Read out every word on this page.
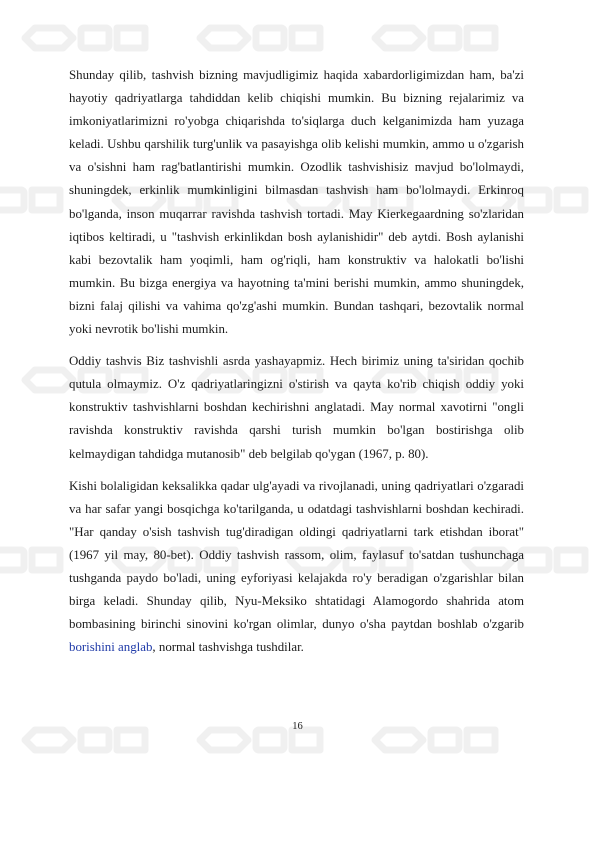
Shunday qilib, tashvish bizning mavjudligimiz haqida xabardorligimizdan ham, ba'zi hayotiy qadriyatlarga tahdiddan kelib chiqishi mumkin. Bu bizning rejalarimiz va imkoniyatlarimizni ro'yobga chiqarishda to'siqlarga duch kelganimizda ham yuzaga keladi. Ushbu qarshilik turg'unlik va pasayishga olib kelishi mumkin, ammo u o'zgarish va o'sishni ham rag'batlantirishi mumkin. Ozodlik tashvishisiz mavjud bo'lolmaydi, shuningdek, erkinlik mumkinligini bilmasdan tashvish ham bo'lolmaydi. Erkinroq bo'lganda, inson muqarrar ravishda tashvish tortadi. May Kierkegaardning so'zlaridan iqtibos keltiradi, u "tashvish erkinlikdan bosh aylanishidir" deb aytdi. Bosh aylanishi kabi bezovtalik ham yoqimli, ham og'riqli, ham konstruktiv va halokatli bo'lishi mumkin. Bu bizga energiya va hayotning ta'mini berishi mumkin, ammo shuningdek, bizni falaj qilishi va vahima qo'zg'ashi mumkin. Bundan tashqari, bezovtalik normal yoki nevrotik bo'lishi mumkin.

Oddiy tashvis Biz tashvishli asrda yashayapmiz. Hech birimiz uning ta'siridan qochib qutula olmaymiz. O'z qadriyatlaringizni o'stirish va qayta ko'rib chiqish oddiy yoki konstruktiv tashvishlarni boshdan kechirishni anglatadi. May normal xavotirni "ongli ravishda konstruktiv ravishda qarshi turish mumkin bo'lgan bostirishga olib kelmaydigan tahdidga mutanosib" deb belgilab qo'ygan (1967, p. 80).

Kishi bolaligidan keksalikka qadar ulg'ayadi va rivojlanadi, uning qadriyatlari o'zgaradi va har safar yangi bosqichga ko'tarilganda, u odatdagi tashvishlarni boshdan kechiradi. "Har qanday o'sish tashvish tug'diradigan oldingi qadriyatlarni tark etishdan iborat" (1967 yil may, 80-bet). Oddiy tashvish rassom, olim, faylasuf to'satdan tushunchaga tushganda paydo bo'ladi, uning eyforiyasi kelajakda ro'y beradigan o'zgarishlar bilan birga keladi. Shunday qilib, Nyu-Meksiko shtatidagi Alamogordo shahrida atom bombasining birinchi sinovini ko'rgan olimlar, dunyo o'sha paytdan boshlab o'zgarib borishini anglab, normal tashvishga tushdilar.

16
